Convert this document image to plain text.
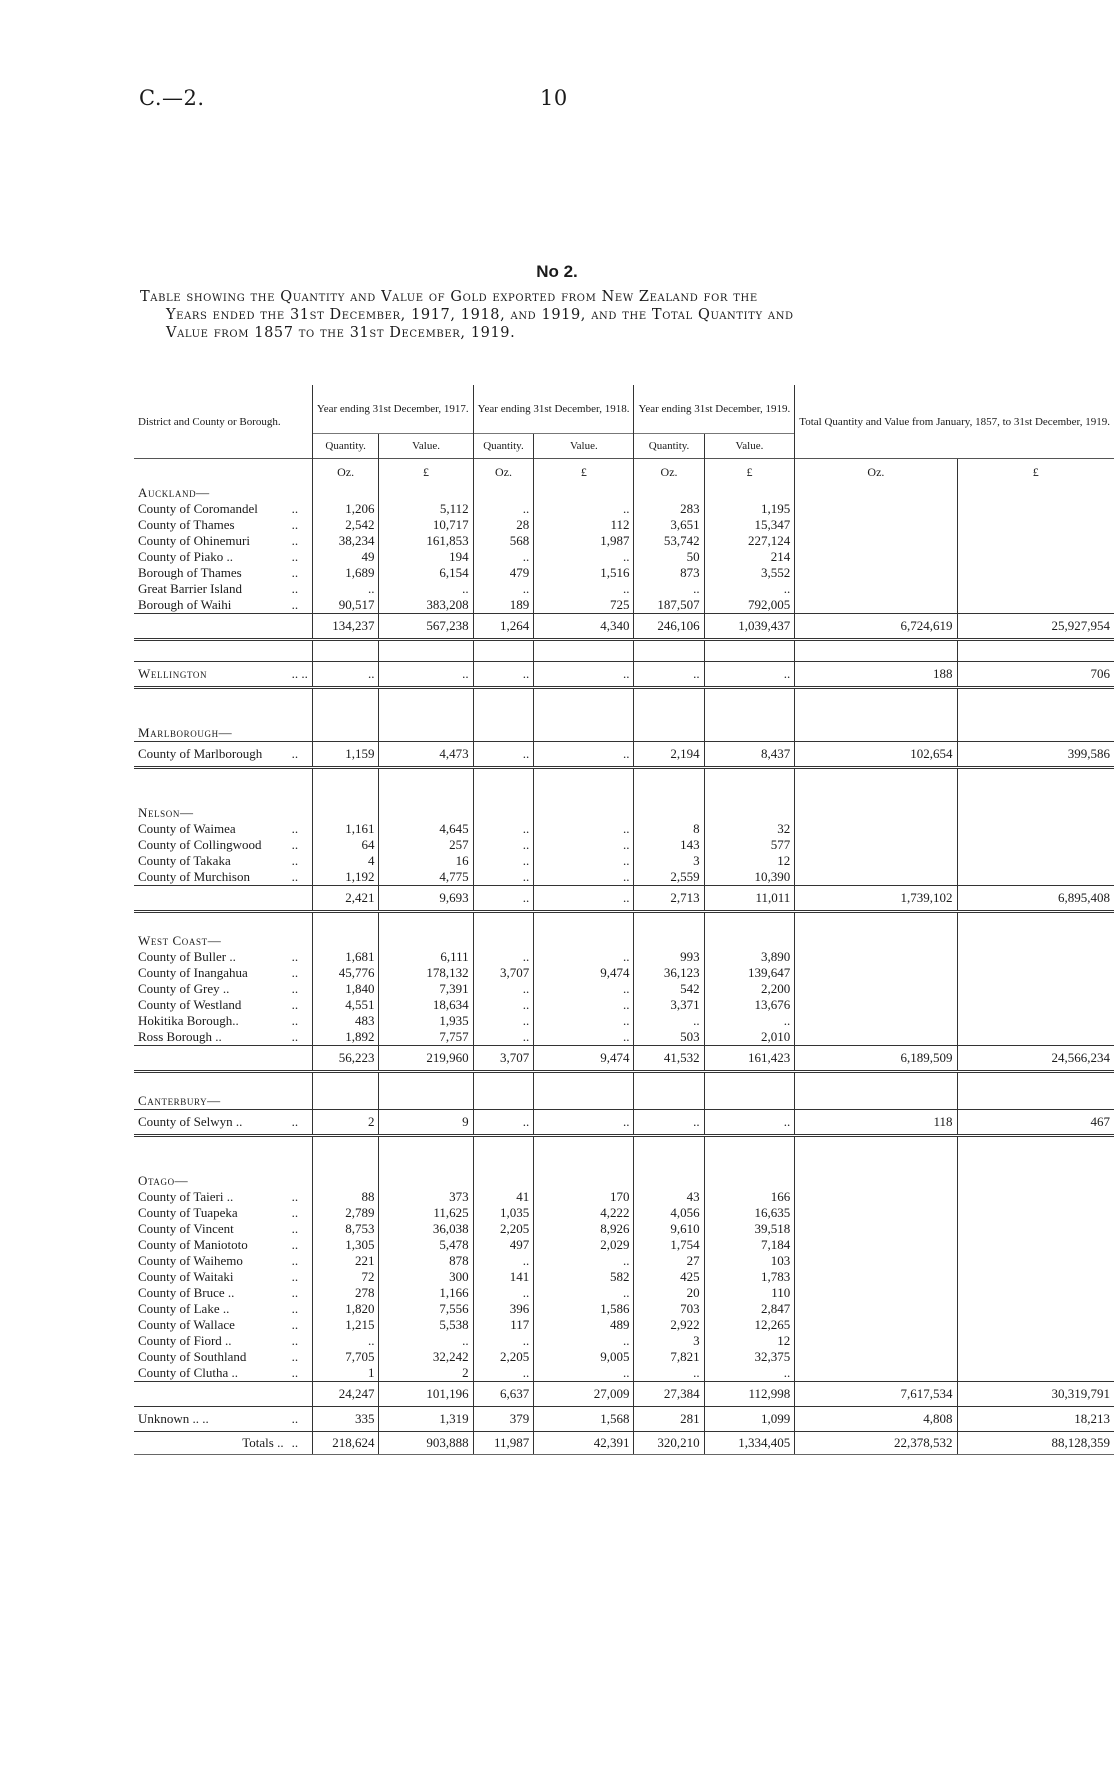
C.—2.	10
No 2.
Table showing the Quantity and Value of Gold exported from New Zealand for the
Years ended the 31st December, 1917, 1918, and 1919, and the Total Quantity and
Value from 1857 to the 31st December, 1919.
District and County or Borough.		Year ending 31st December, 1917.		Year ending 31st December, 1918.		Year ending 31st December, 1919.		Total Quantity and Value from January, 1857, to 31st December, 1919.	
		Quantity.	Value.	Quantity.	Value.	Quantity.	Value.		
		Oz.	£	Oz.	£	Oz.	£	Oz.	£
Auckland—									
County of Coromandel	..	1,206	5,112	..	..	283	1,195		
County of Thames	..	2,542	10,717	28	112	3,651	15,347		
County of Ohinemuri	..	38,234	161,853	568	1,987	53,742	227,124		
County of Piako ..	..	49	194	..	..	50	214		
Borough of Thames	..	1,689	6,154	479	1,516	873	3,552		
Great Barrier Island	..	..	..	..	..	..	..		
Borough of Waihi	..	90,517	383,208	189	725	187,507	792,005		
		134,237	567,238	1,264	4,340	246,106	1,039,437	6,724,619	25,927,954

Wellington	.. ..	..	..	..	..	..	..	188	706

Marlborough—									
County of Marlborough	..	1,159	4,473	..	..	2,194	8,437	102,654	399,586

Nelson—									
County of Waimea	..	1,161	4,645	..	..	8	32		
County of Collingwood	..	64	257	..	..	143	577		
County of Takaka	..	4	16	..	..	3	12		
County of Murchison	..	1,192	4,775	..	..	2,559	10,390		
		2,421	9,693	..	..	2,713	11,011	1,739,102	6,895,408

West Coast—									
County of Buller ..	..	1,681	6,111	..	..	993	3,890		
County of Inangahua	..	45,776	178,132	3,707	9,474	36,123	139,647		
County of Grey ..	..	1,840	7,391	..	..	542	2,200		
County of Westland	..	4,551	18,634	..	..	3,371	13,676		
Hokitika Borough..	..	483	1,935	..	..	..	..		
Ross Borough ..	..	1,892	7,757	..	..	503	2,010		
		56,223	219,960	3,707	9,474	41,532	161,423	6,189,509	24,566,234

Canterbury—									
County of Selwyn ..	..	2	9	..	..	..	..	118	467

Otago—									
County of Taieri ..	..	88	373	41	170	43	166		
County of Tuapeka	..	2,789	11,625	1,035	4,222	4,056	16,635		
County of Vincent	..	8,753	36,038	2,205	8,926	9,610	39,518		
County of Maniototo	..	1,305	5,478	497	2,029	1,754	7,184		
County of Waihemo	..	221	878	..	..	27	103		
County of Waitaki	..	72	300	141	582	425	1,783		
County of Bruce ..	..	278	1,166	..	..	20	110		
County of Lake ..	..	1,820	7,556	396	1,586	703	2,847		
County of Wallace	..	1,215	5,538	117	489	2,922	12,265		
County of Fiord ..	..	..	..	..	..	3	12		
County of Southland	..	7,705	32,242	2,205	9,005	7,821	32,375		
County of Clutha ..	..	1	2	..	..	..	..		
		24,247	101,196	6,637	27,009	27,384	112,998	7,617,534	30,319,791
Unknown .. ..	..	335	1,319	379	1,568	281	1,099	4,808	18,213
Totals ..	..	218,624	903,888	11,987	42,391	320,210	1,334,405	22,378,532	88,128,359
